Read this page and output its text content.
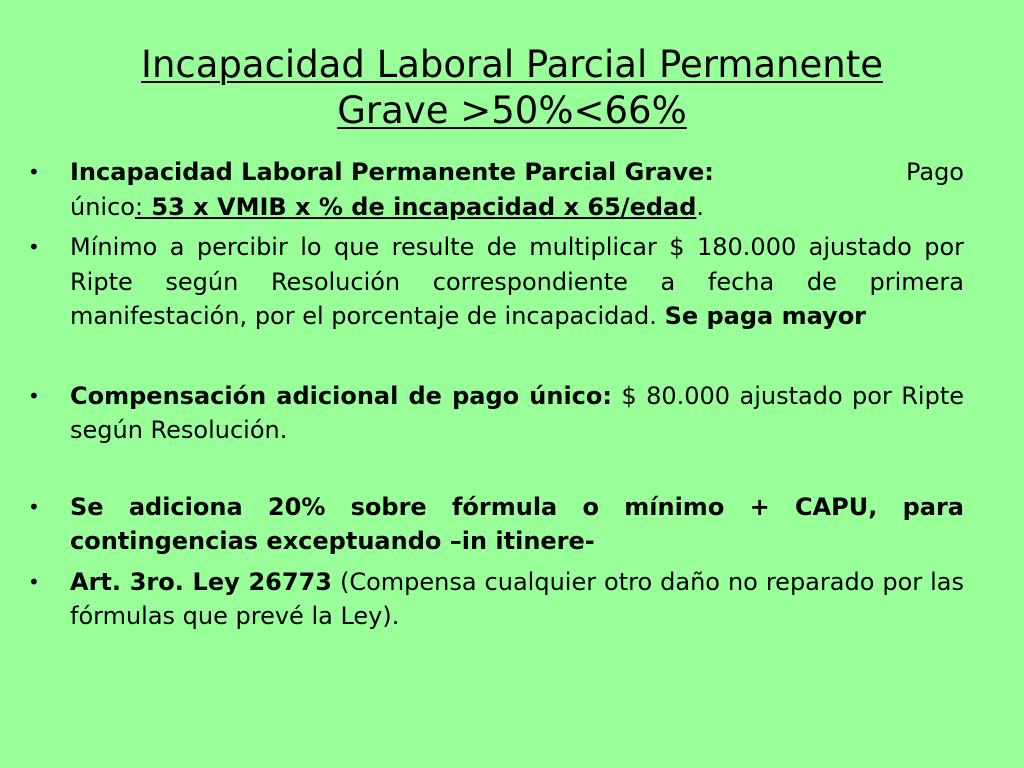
Incapacidad Laboral Parcial Permanente
Grave >50%<66%
• Incapacidad Laboral Permanente Parcial Grave:	Pago

único: 53 x VMIB x % de incapacidad x 65/edad.
• Mínimo a percibir lo que resulte de multiplicar $ 180.000 ajustado por Ripte según Resolución correspondiente a fecha de primera manifestación, por el porcentaje de incapacidad. Se paga mayor
• Compensación adicional de pago único: $ 80.000 ajustado por Ripte según Resolución.
• Se adiciona 20% sobre fórmula o mínimo + CAPU, para contingencias exceptuando –in itinere-
• Art. 3ro. Ley 26773 (Compensa cualquier otro daño no reparado por las fórmulas que prevé la Ley).
